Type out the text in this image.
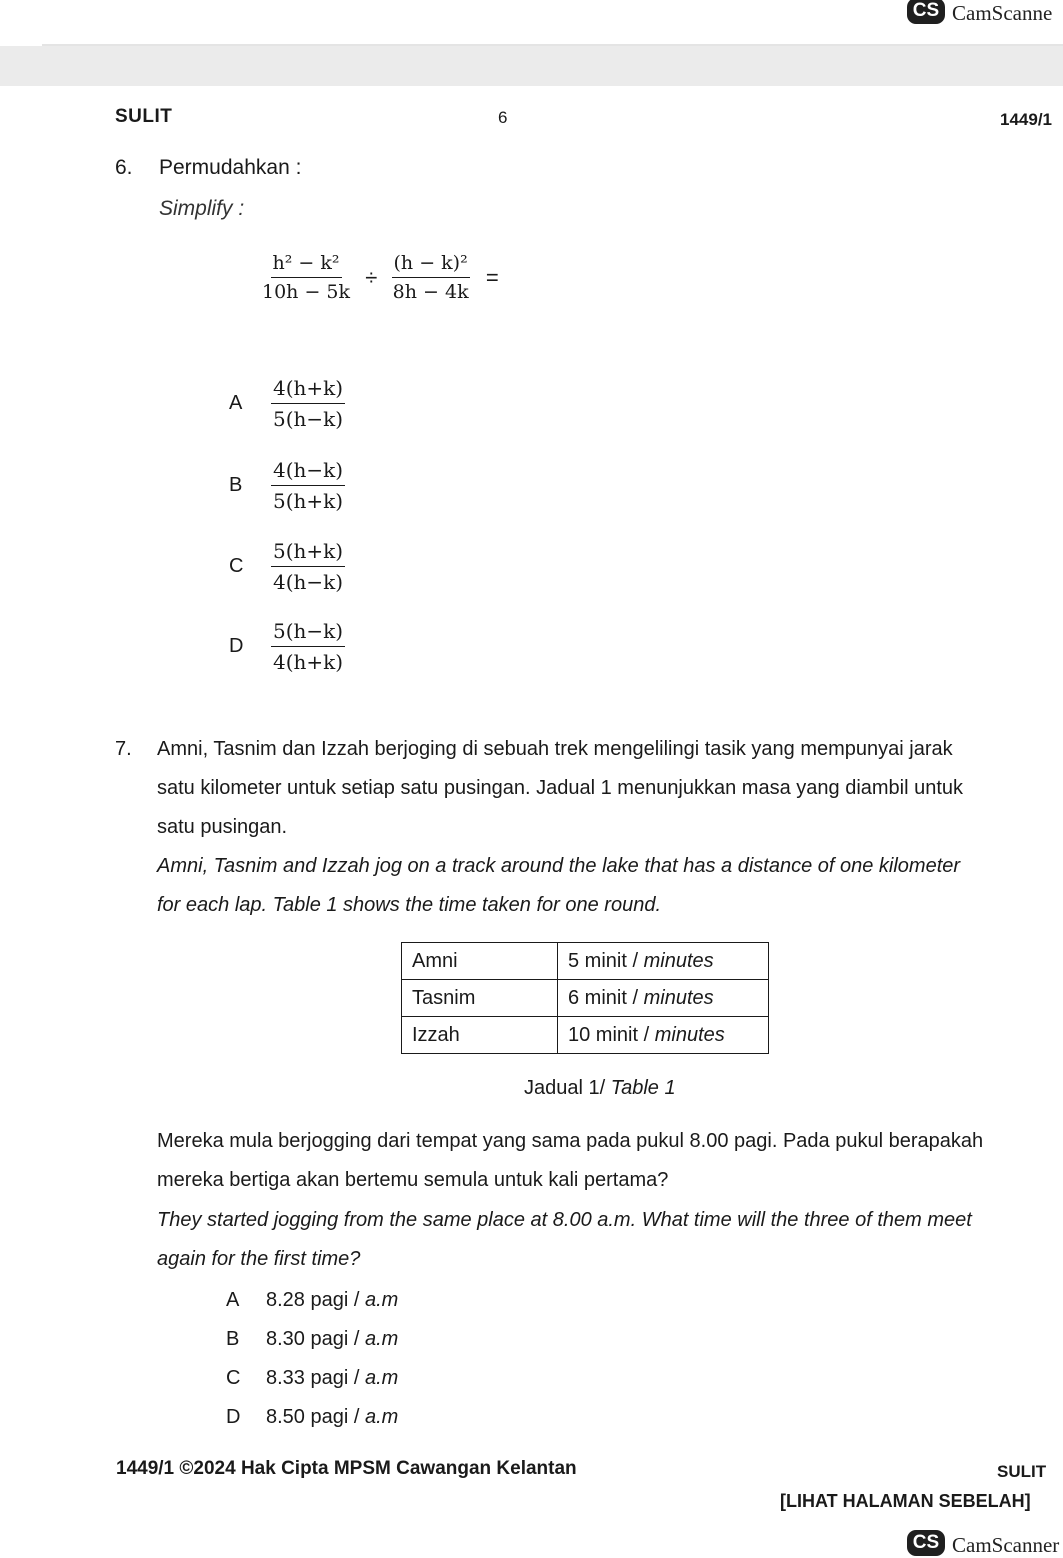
CS CamScanne
SULIT	6	1449/1
6. Permudahkan :
Simplify :
$\frac{\text{h² − k²}}{10h - 5k} \div \frac{\text{(h − k)²}}{8h - 4k}$ =
A $\frac{4(h+k)}{5(h-k)}$
B $\frac{4(h-k)}{5(h+k)}$
C $\frac{5(h+k)}{4(h-k)}$
D $\frac{5(h-k)}{4(h+k)}$
7. Amni, Tasnim dan Izzah berjoging di sebuah trek mengelilingi tasik yang mempunyai jarak
satu kilometer untuk setiap satu pusingan. Jadual 1 menunjukkan masa yang diambil untuk
satu pusingan.
Amni, Tasnim and Izzah jog on a track around the lake that has a distance of one kilometer
for each lap. Table 1 shows the time taken for one round.
Amni	5 minit / minutes
Tasnim	6 minit / minutes
Izzah	10 minit / minutes
Jadual 1/ Table 1
Mereka mula berjogging dari tempat yang sama pada pukul 8.00 pagi. Pada pukul berapakah
mereka bertiga akan bertemu semula untuk kali pertama?
They started jogging from the same place at 8.00 a.m. What time will the three of them meet
again for the first time?
A 8.28 pagi / a.m
B 8.30 pagi / a.m
C 8.33 pagi / a.m
D 8.50 pagi / a.m
1449/1 ©2024 Hak Cipta MPSM Cawangan Kelantan	SULIT
[LIHAT HALAMAN SEBELAH]
CS CamScanner
